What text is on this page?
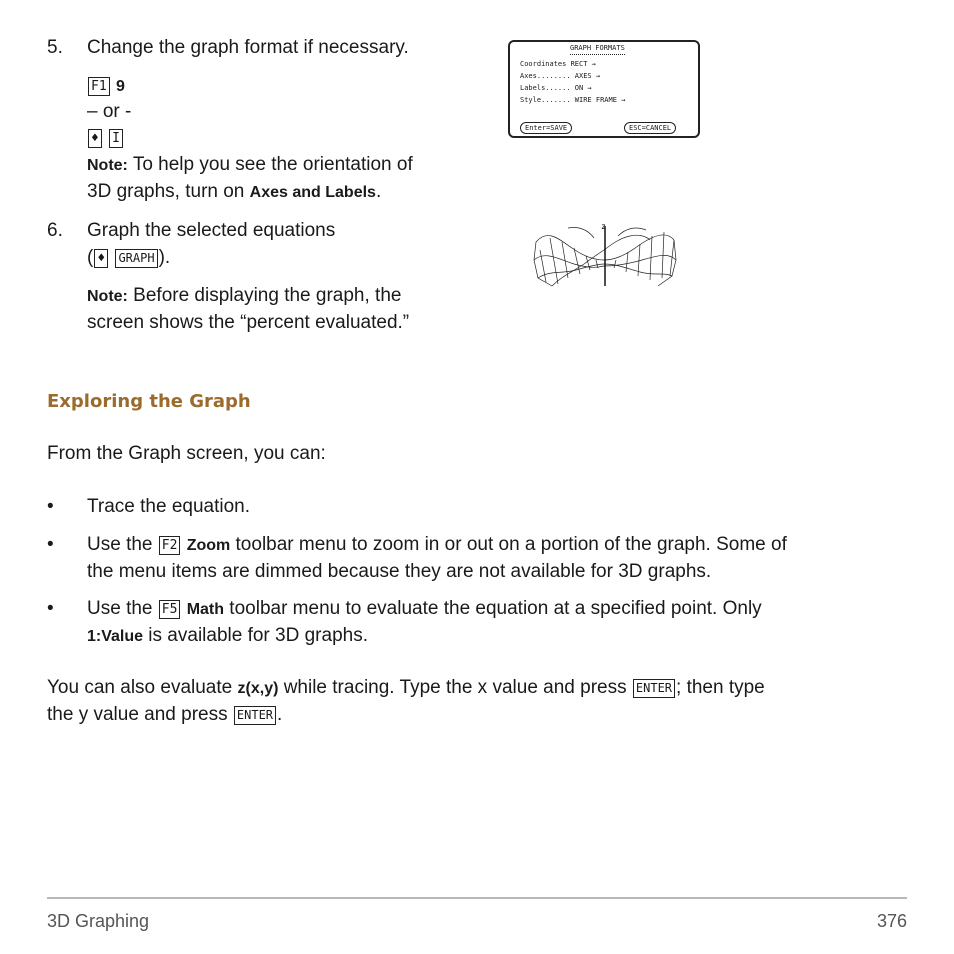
5. Change the graph format if necessary.
F1 9
– or -
♦ I
Note: To help you see the orientation of
3D graphs, turn on Axes and Labels.
GRAPH FORMATS
Coordinates RECT →
Axes........ AXES →
Labels...... ON →
Style....... WIRE FRAME →
Enter=SAVE	ESC=CANCEL
6. Graph the selected equations
( ♦ GRAPH ).
Note: Before displaying the graph, the
screen shows the “percent evaluated.”
z
Exploring the Graph
From the Graph screen, you can:
• Trace the equation.
• Use the F2 Zoom toolbar menu to zoom in or out on a portion of the graph. Some of
the menu items are dimmed because they are not available for 3D graphs.
• Use the F5 Math toolbar menu to evaluate the equation at a specified point. Only
1:Value is available for 3D graphs.
You can also evaluate z(x,y) while tracing. Type the x value and press ENTER ; then type
the y value and press ENTER .
3D Graphing	376
